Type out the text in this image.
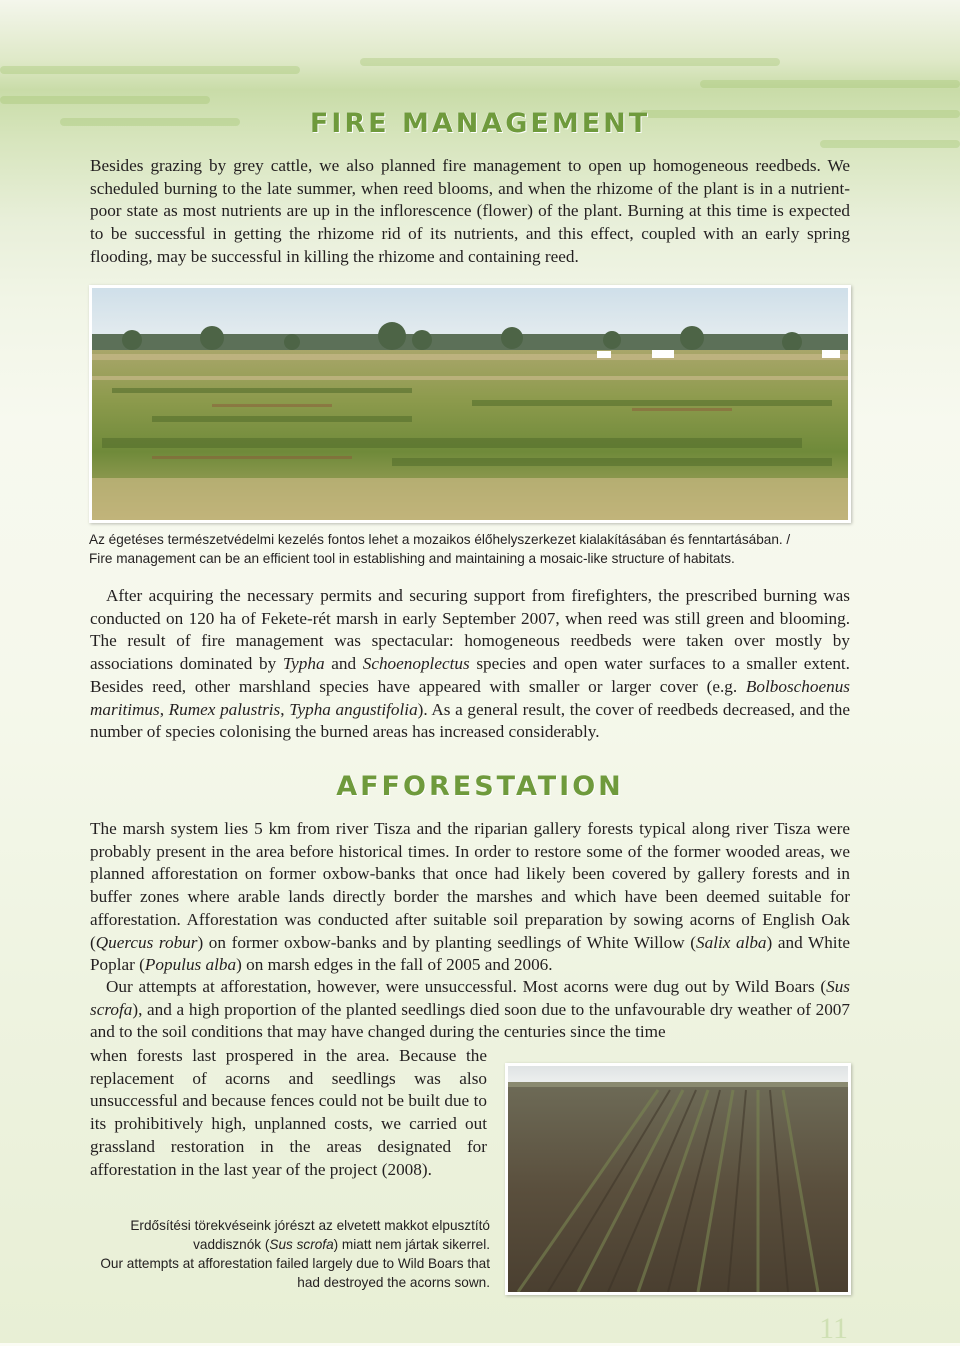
FIRE MANAGEMENT

Besides grazing by grey cattle, we also planned fire management to open up homogeneous reedbeds. We scheduled burning to the late summer, when reed blooms, and when the rhizome of the plant is in a nutrient-poor state as most nutrients are up in the inflorescence (flower) of the plant. Burning at this time is expected to be successful in getting the rhizome rid of its nutrients, and this effect, coupled with an early spring flooding, may be successful in killing the rhizome and containing reed.

Az égetéses természetvédelmi kezelés fontos lehet a mozaikos élőhelyszerkezet kialakításában és fenntartásában. /
Fire management can be an efficient tool in establishing and maintaining a mosaic-like structure of habitats.

After acquiring the necessary permits and securing support from firefighters, the prescribed burning was conducted on 120 ha of Fekete-rét marsh in early September 2007, when reed was still green and blooming. The result of fire management was spectacular: homogeneous reedbeds were taken over mostly by associations dominated by Typha and Schoenoplectus species and open water surfaces to a smaller extent. Besides reed, other marshland species have appeared with smaller or larger cover (e.g. Bolboschoenus maritimus, Rumex palustris, Typha angustifolia). As a general result, the cover of reedbeds decreased, and the number of species colonising the burned areas has increased considerably.

AFFORESTATION

The marsh system lies 5 km from river Tisza and the riparian gallery forests typical along river Tisza were probably present in the area before historical times. In order to restore some of the former wooded areas, we planned afforestation on former oxbow-banks that once had likely been covered by gallery forests and in buffer zones where arable lands directly border the marshes and which have been deemed suitable for afforestation. Afforestation was conducted after suitable soil preparation by sowing acorns of English Oak (Quercus robur) on former oxbow-banks and by planting seedlings of White Willow (Salix alba) and White Poplar (Populus alba) on marsh edges in the fall of 2005 and 2006.

Our attempts at afforestation, however, were unsuccessful. Most acorns were dug out by Wild Boars (Sus scrofa), and a high proportion of the planted seedlings died soon due to the unfavourable dry weather of 2007 and to the soil conditions that may have changed during the centuries since the time

when forests last prospered in the area. Because the replacement of acorns and seedlings was also unsuccessful and because fences could not be built due to its prohibitively high, unplanned costs, we carried out grassland restoration in the areas designated for afforestation in the last year of the project (2008).

Erdősítési törekvéseink jórészt az elvetett makkot elpusztító vaddisznók (Sus scrofa) miatt nem jártak sikerrel.
Our attempts at afforestation failed largely due to Wild Boars that had destroyed the acorns sown.
11
